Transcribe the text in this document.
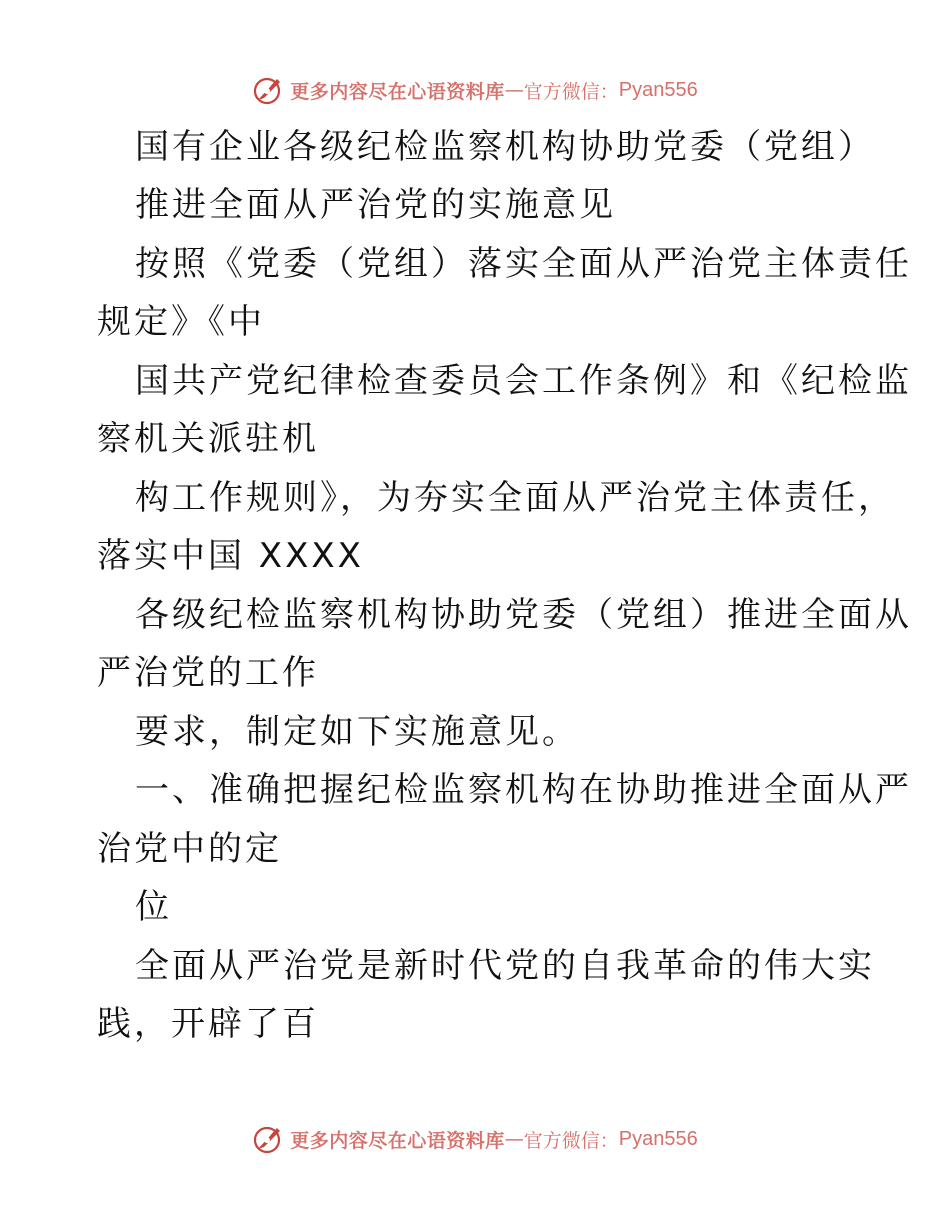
更多内容尽在心语资料库 — 官方微信： Pyan556
国有企业各级纪检监察机构协助党委（党组）
推进全面从严治党的实施意见
按照《党委（党组）落实全面从严治党主体责任
规定》《中
国共产党纪律检查委员会工作条例》和《纪检监
察机关派驻机
构工作规则》，为夯实全面从严治党主体责任，
落实中国 XXXX
各级纪检监察机构协助党委（党组）推进全面从
严治党的工作
要求，制定如下实施意见。
一、准确把握纪检监察机构在协助推进全面从严
治党中的定
位
全面从严治党是新时代党的自我革命的伟大实
践，开辟了百
更多内容尽在心语资料库 — 官方微信： Pyan556
